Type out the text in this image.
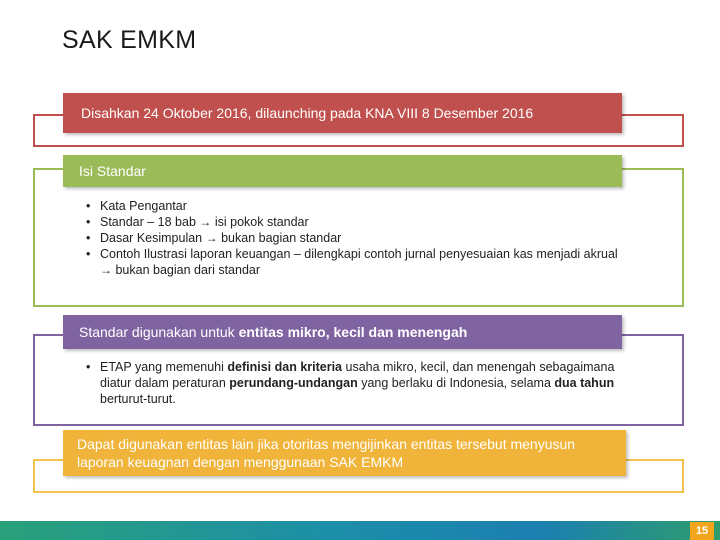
SAK EMKM
Disahkan 24 Oktober 2016, dilaunching pada KNA VIII 8 Desember 2016
Isi Standar
• Kata Pengantar
• Standar – 18 bab → isi pokok standar
• Dasar Kesimpulan → bukan bagian standar
• Contoh Ilustrasi laporan keuangan – dilengkapi contoh jurnal penyesuaian kas menjadi akrual → bukan bagian dari standar
Standar digunakan untuk entitas mikro, kecil dan menengah
• ETAP yang memenuhi definisi dan kriteria usaha mikro, kecil, dan menengah sebagaimana diatur dalam peraturan perundang-undangan yang berlaku di Indonesia, selama dua tahun berturut-turut.
Dapat digunakan entitas lain jika otoritas mengijinkan entitas tersebut menyusun laporan keuagnan dengan menggunaan SAK EMKM
15
